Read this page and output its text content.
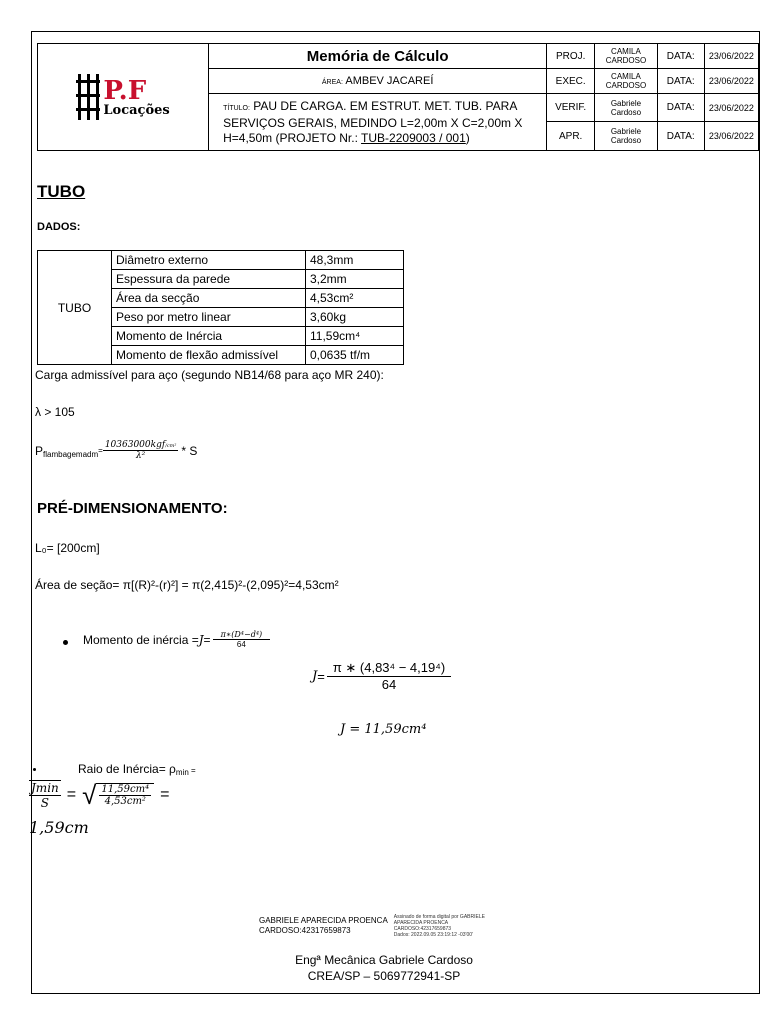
P.F
Locações	Memória de Cálculo	PROJ.	CAMILA
CARDOSO	DATA:	23/06/2022
	ÁREA: AMBEV JACAREÍ	EXEC.	CAMILA
CARDOSO	DATA:	23/06/2022
	TÍTULO: PAU DE CARGA. EM ESTRUT. MET. TUB. PARA
SERVIÇOS GERAIS, MEDINDO L=2,00m X C=2,00m X
H=4,50m (PROJETO Nr.: TUB-2209003 / 001)	VERIF.	Gabriele
Cardoso	DATA:	23/06/2022
		APR.	Gabriele
Cardoso	DATA:	23/06/2022
TUBO
DADOS:
TUBO	Diâmetro externo	48,3mm
	Espessura da parede	3,2mm
	Área da secção	4,53cm²
	Peso por metro linear	3,60kg
	Momento de Inércia	11,59cm⁴
	Momento de flexão admissível	0,0635 tf/m
Carga admissível para aço (segundo NB14/68 para aço MR 240):
λ > 105
P flambagemadm = $\frac{\text{10363000kgf/cm²}}{\text{λ²}}$ * S
PRÉ-DIMENSIONAMENTO:
L₀= [200cm]
Área de seção= π[(R)²-(r)²] = π(2,415)²-(2,095)²=4,53cm²
Momento de inércia = $J = \frac{\text{π∗(D⁴−d⁴)}}{64}$
$J = \frac{\text{π ∗ (4,83⁴ − 4,19⁴)}}{64}$
J = 11,59cm⁴
Raio de Inércia= ρmin =
$\frac{Jmin}{S}$ = √ $\frac{\text{11,59cm⁴}}{\text{4,53cm²}}$ =
1,59cm
GABRIELE APARECIDA PROENCA
CARDOSO:42317659873
Assinado de forma digital por GABRIELE
APARECIDA PROENCA
CARDOSO:42317659873
Dados: 2022.09.05 23:19:12 -03'00'
Engª Mecânica Gabriele Cardoso
CREA/SP – 5069772941-SP
